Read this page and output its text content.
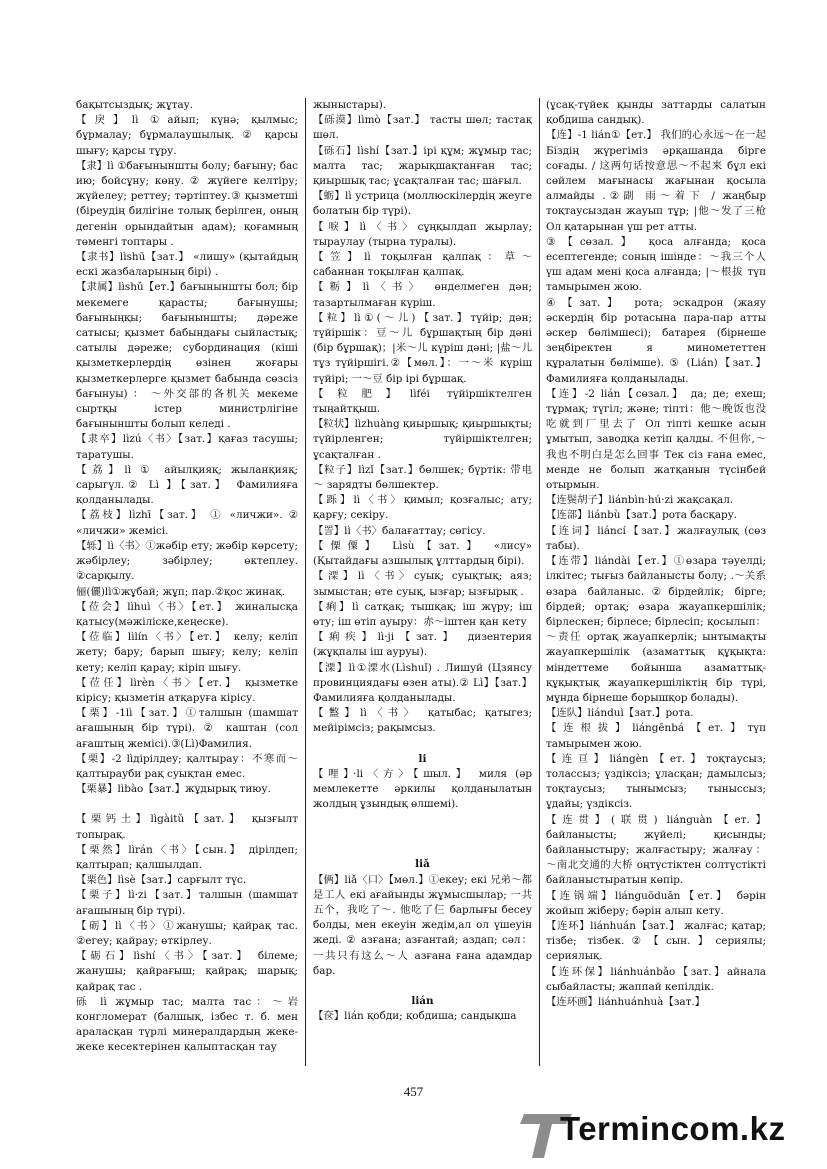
бақытсыздық; жұтау.

【戾】lì ①айып; күнә; қылмыс; бұрмалау; бұрмалаушылық. ② қарсы шығу; қарсы тұру.

【隶】lì ①бағыныншты болу; бағыну; бас ию; бойсұну; көну. ② жүйеге келтіру; жүйелеу; реттеу; тәртіптеу.③ қызметші (біреудің билігіне толық берілген, оның дегенін орындайтын адам); қоғамның төменгі топтары .

【隶书】lìshū【зат.】 «лишу» (қытайдың ескі жазбаларының бірі) .

【隶属】lìshǔ【ет.】бағыныншты бол; бір мекемеге қарасты; бағынушы; бағыныңқы; бағыныншты; дәреже сатысы; қызмет бабындағы сыйластық; сатылы дәреже; субординация (кіші қызметкерлердің өзінен жоғары қызметкерлерге қызмет бабында сөзсіз бағынуы) ： ～外交部的各机关 мекеме сыртқы істер министрлігіне бағыныншты болып келеді .

【隶卒】lìzú〈书〉【зат.】қағаз тасушы; таратушы.

【荔】lì ① айылқияқ; жыланқияқ; сарыгүл.② Lì 】【зат.】 Фамилияға қолданылады.

【荔枝】lìzhī【зат.】 ① «личжи». ② «личжи» жемісі.

【轹】lì〈书〉①жәбір ету; жәбір көрсету; жәбірлеу; зәбірлеу; өктеплеу. ②сарқылу.

俪(儷)lì①жұбай; жұп; пар.②қос жинақ.

【莅会】lìhuì〈书〉【ет.】 жиналысқа қатысу(мәжіліске,кеңеске).

【莅临】lìlín〈书〉【ет.】 келу; келіп жету; бару; барып шығу; келу; келіп кету; келіп қарау; кіріп шығу.

【莅任】lìrèn〈书〉【ет.】 қызметке кірісу; қызметін атқаруға кірісу.

【栗】-1lì【зат.】①талшын (шамшат ағашының бір түрі). ② каштан (сол ағаштың жемісі).③(Lì)Фамилия.

【栗】-2 lìдірілдеу; қалтырау：不寒而～ қалтырауби рақ суықтан емес.

【栗暴】lìbào【зат.】жұдырық тиюу.

【栗钙土】lìgàitǔ【зат.】 қызғылт топырақ.

【栗然】lìrán〈书〉【сын.】 дірілдеп; қалтырап; қалшылдап.

【栗色】lìsè【зат.】сарғылт түс.

【栗子】lì·zi【зат.】талшын (шамшат ағашының бір түрі).

【砺】lì〈书〉①жанушы; қайрақ тас. ②егеу; қайрау; өткірлеу.

【砺石】lìshí〈书〉【зат.】 білеме; жанушы; қайрағыш; қайрақ; шарық; қайрақ тас .

砾 lì жұмыр тас; малта тас：～岩 конгломерат (балшық, ізбес т. б. мен араласқан түрлі минералдардың жеке-жеке кесектерінен қалыптасқан тау

жыныстары).

【砾漠】lìmò【зат.】 тасты шөл; тастақ шөл.

【砾石】lìshí【зат.】ірі құм; жұмыр тас; малта тас; жарықшақтанған тас; қиыршық тас; ұсақталған тас; шағыл.

【蛎】lì устрица (моллюскілердің жеуге болатын бір түрі).

【唳】lì〈书〉сұңқылдап жырлау; тыраулау (тырна туралы).

【笠】lì тоқылған қалпақ：草～ сабаннан тоқылған қалпақ.

【粝】lì〈书〉 өнделмеген дән; тазартылмаған күріш.

【粒】lì①(～儿)【зат.】түйір; дән; түйіршік：豆～儿 бұршақтың бір дәні (бір бұршақ)；|米～儿 күріш дәні; |盐～儿 тұз түйіршігі.②【мөл.】：一～米 күріш түйірі; 一～豆 бір ірі бұршақ.

【粒肥】lìféi түйіршіктелген тыңайтқыш.

【粒状】lìzhuàng қиыршық; қиыршықты; түйірленген; түйіршіктелген; ұсақталған .

【粒子】lìzǐ【зат.】бөлшек; бүртік: 带电～ зарядты бөлшектер.

【跞】lì〈书〉қимыл; қозғалыс; ату; қарғу; секіру.

【詈】lì〈书〉балағаттау; сөгісу.

【傈僳】 Lìsù【зат.】 «лису» (Қытайдағы азшылық ұлттардың бірі).

【溧】lì〈书〉суық; суықтық; аяз; зымыстан; өте суық, ызғар; ызғырық .

【痢】lì сатқақ; тышқақ; іш жүру; іш өту; іш өтіп ауыру：赤～іштен қан кету

【痢疾】lì·ji【зат.】 дизентерия (жұқпалы іш ауруы).

【溧】lì①溧水(Lìshuǐ) . Лишуй (Цзянсу провинциядағы өзен аты).② Lì】【зат.】Фамилияға қолданылады.

【盭】lì〈书〉 қатыбас; қатыгез; мейірімсіз; рақымсыз.

li

【哩】·li〈方〉【шыл.】 миля (әр мемлекетте әркилы қолданылатын жолдың ұзындық өлшемі).

liǎ

【俩】liǎ〈口〉【мөл.】①екеу; екі 兄弟～都是工人 екі ағайынды жұмысшылар; 一共五个，我吃了～. 他吃了仨 барлығы бесеу болды, мен екеуін жедім,ал ол үшеуін жеді. ② азғана; азғантай; аздап; сәл：一共只有这么～人 азғана ғана адамдар бар.

lián

【奁】lián қобди; қобдиша; сандықша

(ұсақ-түйек қынды заттарды салатын қобдиша сандық).

【连】-1 lián①【ет.】 我们的心永远～在一起 Біздің жүрегіміз әрқашанда бірге соғады. / 这两句话按意思～不起来 бұл екі сөйлем мағынасы жағынан қосыла алмайды .②副 雨～着下 / жаңбыр тоқтаусыздан жауып тұр; |他～发了三枪 Ол қатарынан үш рет атты.

③【сөзал.】 қоса алғанда; қоса есептегенде; соның ішінде：～我三个人 үш адам мені қоса алғанда; |～根拔 түп тамырымен жою.

④【зат.】 рота; эскадрон (жаяу әскердің бір ротасына пара-пар атты әскер бөлімшесі); батарея (бірнеше зеңбіректен я миномететтен құралатын бөлімше). ⑤ (Lián)【зат.】 Фамилияға қолданылады.

【连】-2 lián【сөзал.】 да; де; ехеш; тұрмақ; түгіл; және; тіпті：他～晚饭也没吃就到厂里去了 Ол тіпті кешке асын ұмытып, заводқа кетіп қалды. 不但你,～我也不明白是怎么回事 Тек сіз ғана емес, менде не болып жатқанын түсінбей отырмын.

【连鬓胡子】liánbìn·hú·zi жақсақал.

【连部】liánbù【зат.】рота басқару.

【连词】liáncí【зат.】жалғаулық (сөз табы).

【连带】liándài【ет.】①өзара тәуелді; ілкітес; тығыз байланысты болу; .～关系 өзара байланыс.②бірдейлік; бірге; бірдей; ортақ; өзара жауапкершілік; бірлескен; бірлесе; бірлесіп; қосылып：～责任 ортақ жауапкерлік; ынтымақты жауапкершілік (азаматтық құқықта: міндеттеме бойынша азаматтық-құқықтық жауапкершіліктің бір түрі, мұнда бірнеше борышқор болады).

【连队】liánduì【зат.】рота.

【连根拔】liángēnbá【ет.】түп тамырымен жою.

【连亘】liángèn【ет.】тоқтаусыз; толассыз; үздіксіз; ұласқан; дамылсыз; тоқтаусыз; тынымсыз; тыныссыз; ұдайы; үздіксіз.

【连贯】(联贯) liánguàn【ет.】 байланысты; жүйелі; қисынды; байланыстыру; жалғастыру; жалғау：～南北交通的大桥 оңтүстіктен солтүстікті байланыстыратын көпір.

【连锅端】liánguōduān【ет.】 бәрін жойып жіберу; бәрін алып кету.

【连环】liánhuán【зат.】 жалғас; қатар; тізбе; тізбек.②【сын.】сериялы; сериялық.

【连环保】liánhuánbǎo【зат.】айнала сыбайласты; жаппай кепілдік.

【连环画】liánhuánhuà【зат.】

457
Termincom.kz
